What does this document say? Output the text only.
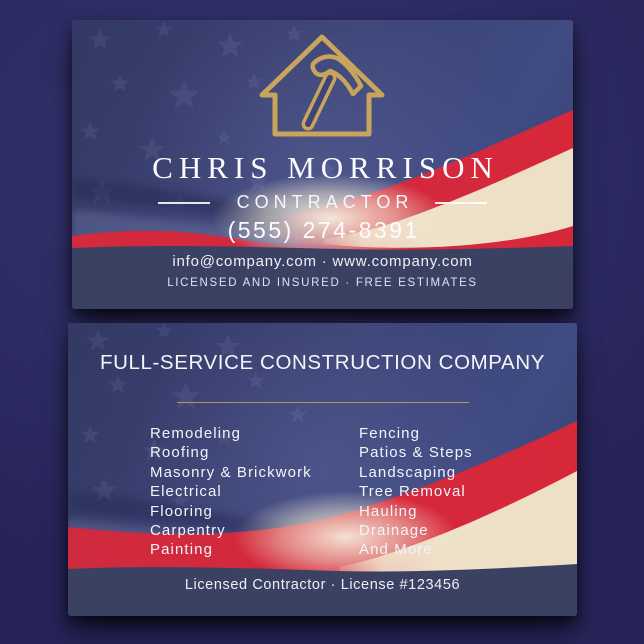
CHRIS MORRISON
CONTRACTOR
(555) 274-8391
info@company.com · www.company.com
LICENSED AND INSURED · FREE ESTIMATES
FULL-SERVICE CONSTRUCTION COMPANY
Remodeling
Roofing
Masonry & Brickwork
Electrical
Flooring
Carpentry
Painting
Fencing
Patios & Steps
Landscaping
Tree Removal
Hauling
Drainage
And More
Licensed Contractor · License #123456
